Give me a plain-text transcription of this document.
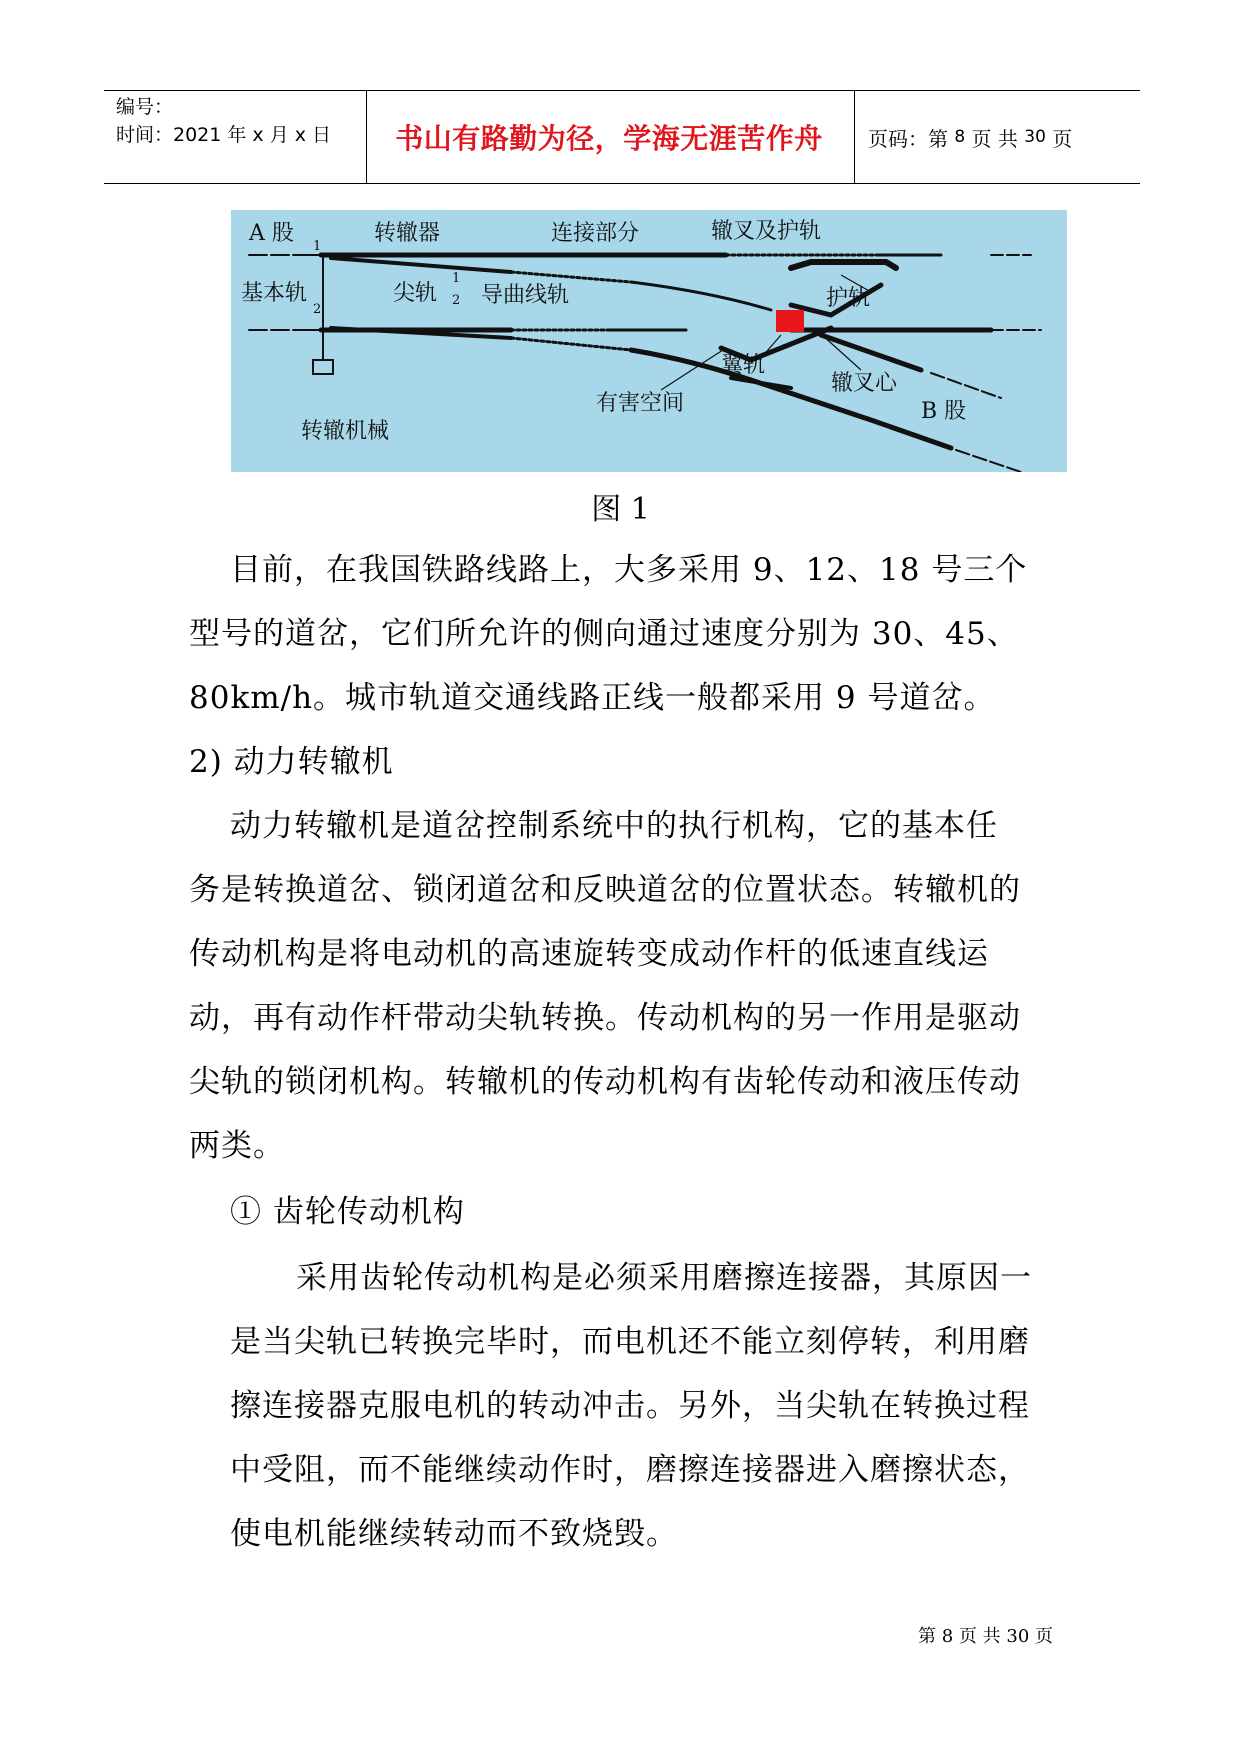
编号：
时间：2021 年 x 月 x 日	书山有路勤为径，学海无涯苦作舟	页码：第
8
页 共
30
页
A 股	转辙器	连接部分	辙叉及护轨
基本轨	尖轨 导曲线轨	护轨
翼轨
辙叉心
有害空间	B 股
转辙机械
1
2
1
2
图 1
目前，在我国铁路线路上，大多采用 9、12、18 号三个
型号的道岔，它们所允许的侧向通过速度分别为 30、45、
80km/h。城市轨道交通线路正线一般都采用 9 号道岔。
2) 动力转辙机
动力转辙机是道岔控制系统中的执行机构，它的基本任
务是转换道岔、锁闭道岔和反映道岔的位置状态。转辙机的
传动机构是将电动机的高速旋转变成动作杆的低速直线运
动，再有动作杆带动尖轨转换。传动机构的另一作用是驱动
尖轨的锁闭机构。转辙机的传动机构有齿轮传动和液压传动
两类。
① 齿轮传动机构
采用齿轮传动机构是必须采用磨擦连接器，其原因一
是当尖轨已转换完毕时，而电机还不能立刻停转，利用磨
擦连接器克服电机的转动冲击。另外，当尖轨在转换过程
中受阻，而不能继续动作时，磨擦连接器进入磨擦状态，
使电机能继续转动而不致烧毁。
第 8 页 共 30 页
